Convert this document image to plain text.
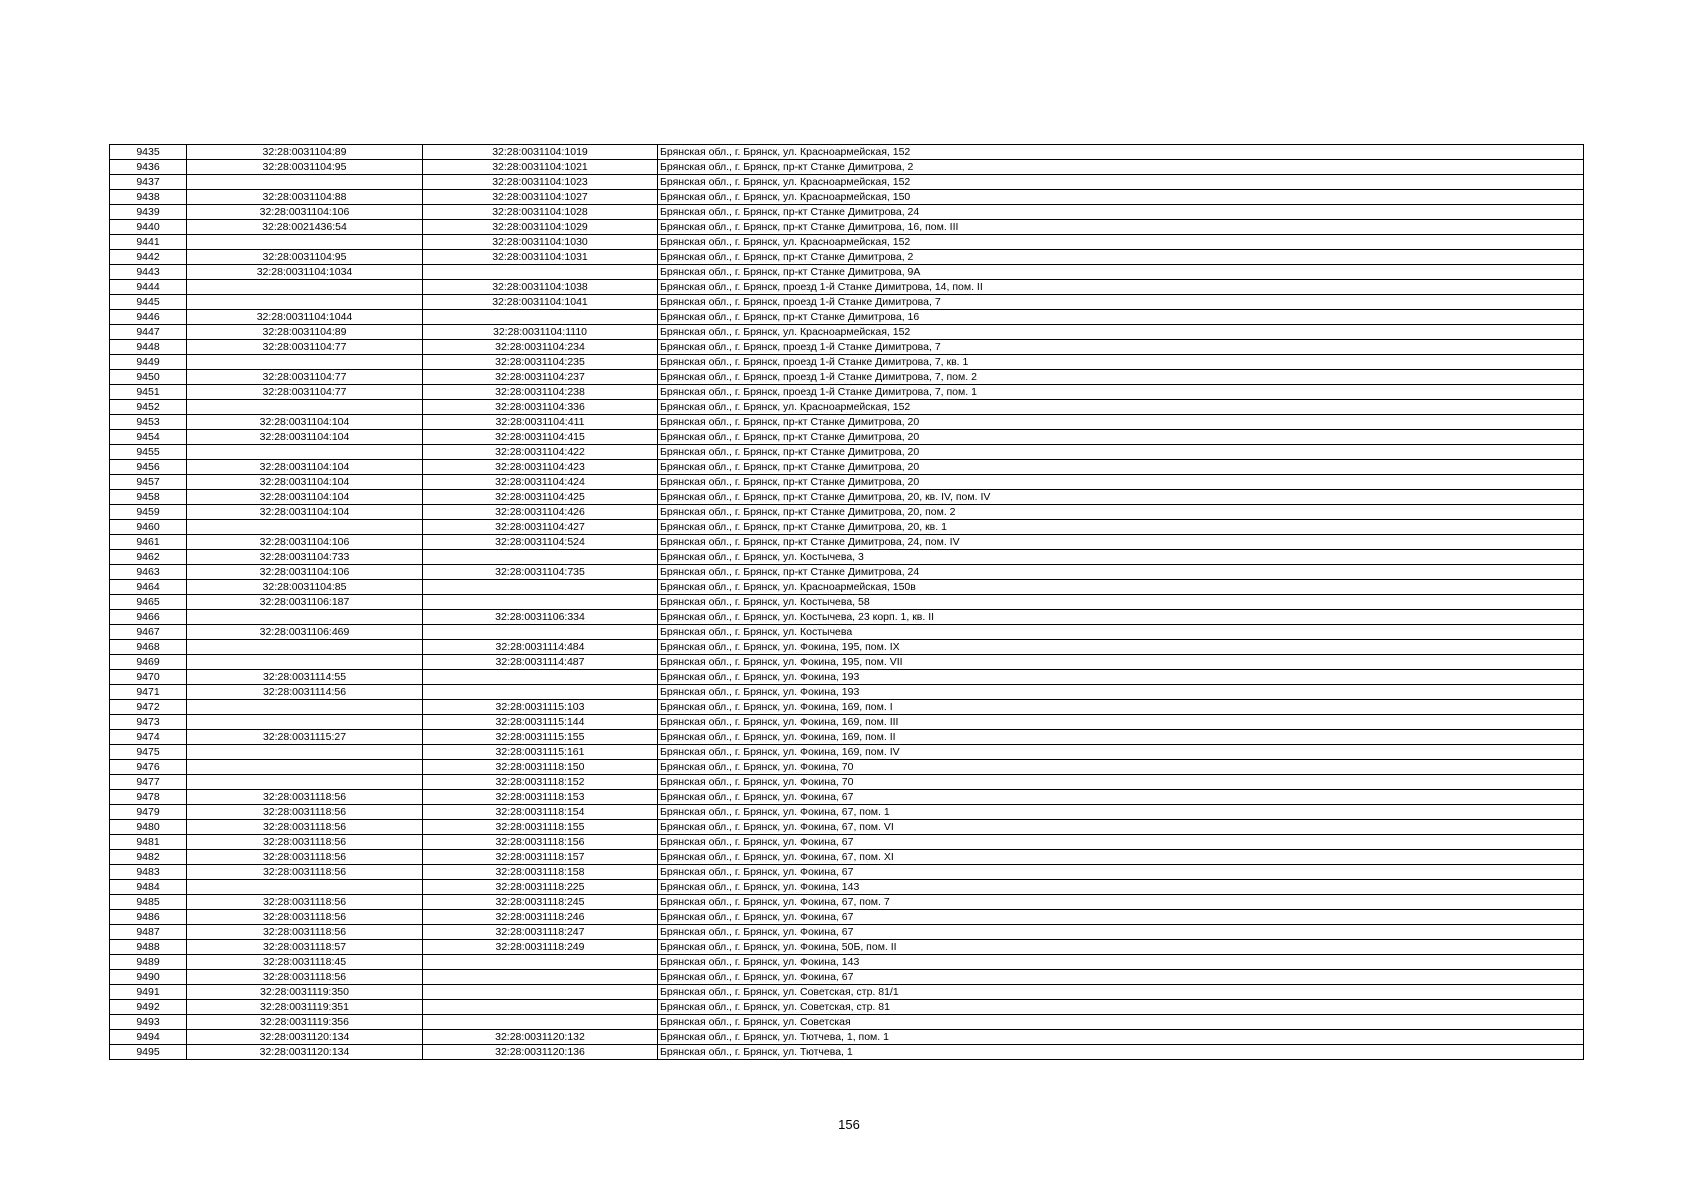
9435	32:28:0031104:89	32:28:0031104:1019	Брянская обл., г. Брянск, ул. Красноармейская, 152
9436	32:28:0031104:95	32:28:0031104:1021	Брянская обл., г. Брянск, пр-кт Станке Димитрова, 2
9437		32:28:0031104:1023	Брянская обл., г. Брянск, ул. Красноармейская, 152
9438	32:28:0031104:88	32:28:0031104:1027	Брянская обл., г. Брянск, ул. Красноармейская, 150
9439	32:28:0031104:106	32:28:0031104:1028	Брянская обл., г. Брянск, пр-кт Станке Димитрова, 24
9440	32:28:0021436:54	32:28:0031104:1029	Брянская обл., г. Брянск, пр-кт Станке Димитрова, 16, пом. III
9441		32:28:0031104:1030	Брянская обл., г. Брянск, ул. Красноармейская, 152
9442	32:28:0031104:95	32:28:0031104:1031	Брянская обл., г. Брянск, пр-кт Станке Димитрова, 2
9443	32:28:0031104:1034		Брянская обл., г. Брянск, пр-кт Станке Димитрова, 9А
9444		32:28:0031104:1038	Брянская обл., г. Брянск, проезд 1-й Станке Димитрова, 14, пом. II
9445		32:28:0031104:1041	Брянская обл., г. Брянск, проезд 1-й Станке Димитрова, 7
9446	32:28:0031104:1044		Брянская обл., г. Брянск, пр-кт Станке Димитрова, 16
9447	32:28:0031104:89	32:28:0031104:1110	Брянская обл., г. Брянск, ул. Красноармейская, 152
9448	32:28:0031104:77	32:28:0031104:234	Брянская обл., г. Брянск, проезд 1-й Станке Димитрова, 7
9449		32:28:0031104:235	Брянская обл., г. Брянск, проезд 1-й Станке Димитрова, 7, кв. 1
9450	32:28:0031104:77	32:28:0031104:237	Брянская обл., г. Брянск, проезд 1-й Станке Димитрова, 7, пом. 2
9451	32:28:0031104:77	32:28:0031104:238	Брянская обл., г. Брянск, проезд 1-й Станке Димитрова, 7, пом. 1
9452		32:28:0031104:336	Брянская обл., г. Брянск, ул. Красноармейская, 152
9453	32:28:0031104:104	32:28:0031104:411	Брянская обл., г. Брянск, пр-кт Станке Димитрова, 20
9454	32:28:0031104:104	32:28:0031104:415	Брянская обл., г. Брянск, пр-кт Станке Димитрова, 20
9455		32:28:0031104:422	Брянская обл., г. Брянск, пр-кт Станке Димитрова, 20
9456	32:28:0031104:104	32:28:0031104:423	Брянская обл., г. Брянск, пр-кт Станке Димитрова, 20
9457	32:28:0031104:104	32:28:0031104:424	Брянская обл., г. Брянск, пр-кт Станке Димитрова, 20
9458	32:28:0031104:104	32:28:0031104:425	Брянская обл., г. Брянск, пр-кт Станке Димитрова, 20, кв. IV, пом. IV
9459	32:28:0031104:104	32:28:0031104:426	Брянская обл., г. Брянск, пр-кт Станке Димитрова, 20, пом. 2
9460		32:28:0031104:427	Брянская обл., г. Брянск, пр-кт Станке Димитрова, 20, кв. 1
9461	32:28:0031104:106	32:28:0031104:524	Брянская обл., г. Брянск, пр-кт Станке Димитрова, 24, пом. IV
9462	32:28:0031104:733		Брянская обл., г. Брянск, ул. Костычева, 3
9463	32:28:0031104:106	32:28:0031104:735	Брянская обл., г. Брянск, пр-кт Станке Димитрова, 24
9464	32:28:0031104:85		Брянская обл., г. Брянск, ул. Красноармейская, 150в
9465	32:28:0031106:187		Брянская обл., г. Брянск, ул. Костычева, 58
9466		32:28:0031106:334	Брянская обл., г. Брянск, ул. Костычева, 23 корп. 1, кв. II
9467	32:28:0031106:469		Брянская обл., г. Брянск, ул. Костычева
9468		32:28:0031114:484	Брянская обл., г. Брянск, ул. Фокина, 195, пом. IX
9469		32:28:0031114:487	Брянская обл., г. Брянск, ул. Фокина, 195, пом. VII
9470	32:28:0031114:55		Брянская обл., г. Брянск, ул. Фокина, 193
9471	32:28:0031114:56		Брянская обл., г. Брянск, ул. Фокина, 193
9472		32:28:0031115:103	Брянская обл., г. Брянск, ул. Фокина, 169, пом. I
9473		32:28:0031115:144	Брянская обл., г. Брянск, ул. Фокина, 169, пом. III
9474	32:28:0031115:27	32:28:0031115:155	Брянская обл., г. Брянск, ул. Фокина, 169, пом. II
9475		32:28:0031115:161	Брянская обл., г. Брянск, ул. Фокина, 169, пом. IV
9476		32:28:0031118:150	Брянская обл., г. Брянск, ул. Фокина, 70
9477		32:28:0031118:152	Брянская обл., г. Брянск, ул. Фокина, 70
9478	32:28:0031118:56	32:28:0031118:153	Брянская обл., г. Брянск, ул. Фокина, 67
9479	32:28:0031118:56	32:28:0031118:154	Брянская обл., г. Брянск, ул. Фокина, 67, пом. 1
9480	32:28:0031118:56	32:28:0031118:155	Брянская обл., г. Брянск, ул. Фокина, 67, пом. VI
9481	32:28:0031118:56	32:28:0031118:156	Брянская обл., г. Брянск, ул. Фокина, 67
9482	32:28:0031118:56	32:28:0031118:157	Брянская обл., г. Брянск, ул. Фокина, 67, пом. XI
9483	32:28:0031118:56	32:28:0031118:158	Брянская обл., г. Брянск, ул. Фокина, 67
9484		32:28:0031118:225	Брянская обл., г. Брянск, ул. Фокина, 143
9485	32:28:0031118:56	32:28:0031118:245	Брянская обл., г. Брянск, ул. Фокина, 67, пом. 7
9486	32:28:0031118:56	32:28:0031118:246	Брянская обл., г. Брянск, ул. Фокина, 67
9487	32:28:0031118:56	32:28:0031118:247	Брянская обл., г. Брянск, ул. Фокина, 67
9488	32:28:0031118:57	32:28:0031118:249	Брянская обл., г. Брянск, ул. Фокина, 50Б, пом. II
9489	32:28:0031118:45		Брянская обл., г. Брянск, ул. Фокина, 143
9490	32:28:0031118:56		Брянская обл., г. Брянск, ул. Фокина, 67
9491	32:28:0031119:350		Брянская обл., г. Брянск, ул. Советская, стр. 81/1
9492	32:28:0031119:351		Брянская обл., г. Брянск, ул. Советская, стр. 81
9493	32:28:0031119:356		Брянская обл., г. Брянск, ул. Советская
9494	32:28:0031120:134	32:28:0031120:132	Брянская обл., г. Брянск, ул. Тютчева, 1, пом. 1
9495	32:28:0031120:134	32:28:0031120:136	Брянская обл., г. Брянск, ул. Тютчева, 1
156
